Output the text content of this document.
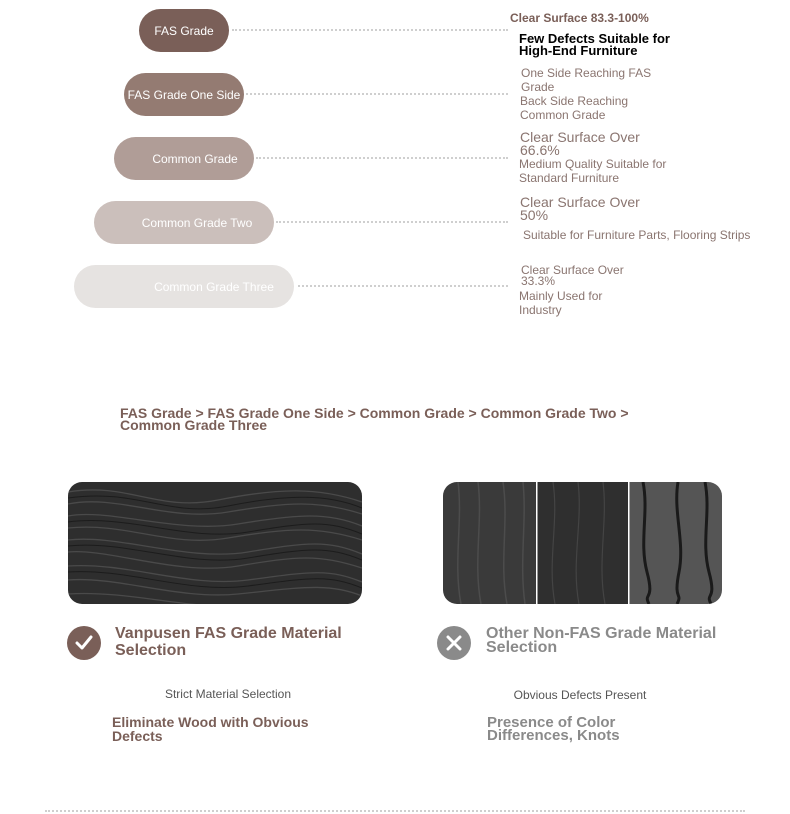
FAS Grade
Clear Surface 83.3-100%
Few Defects Suitable for
High-End Furniture
FAS Grade One Side
One Side Reaching FAS
Grade
Back Side Reaching
Common Grade
Common Grade
Clear Surface Over
66.6%
Medium Quality Suitable for
Standard Furniture
Common Grade Two
Clear Surface Over
50%
Suitable for Furniture Parts, Flooring Strips
Common Grade Three
Clear Surface Over
33.3%
Mainly Used for
Industry
FAS Grade > FAS Grade One Side > Common Grade > Common Grade Two >
Common Grade Three
Vanpusen FAS Grade Material
Selection
Strict Material Selection
Eliminate Wood with Obvious
Defects
Other Non-FAS Grade Material
Selection
Obvious Defects Present
Presence of Color
Differences, Knots
